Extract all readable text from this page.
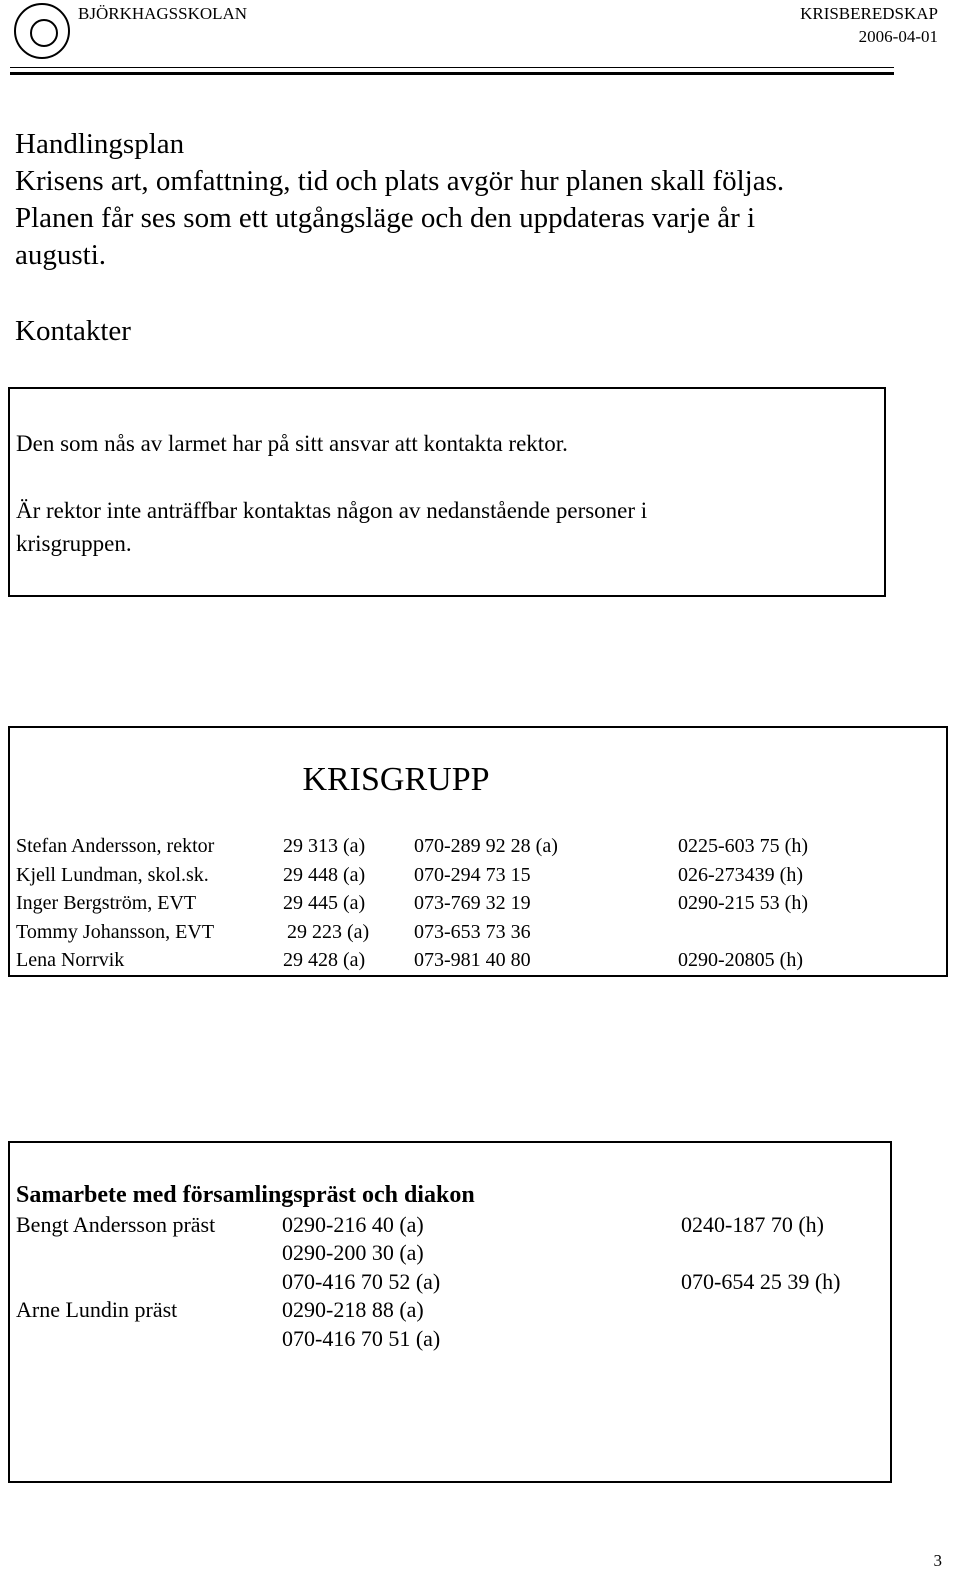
BJÖRKHAGSSKOLAN	KRISBEREDSKAP
2006-04-01
Handlingsplan
Krisens art, omfattning, tid och plats avgör hur planen skall följas.
Planen får ses som ett utgångsläge och den uppdateras varje år i
augusti.
Kontakter
Den som nås av larmet har på sitt ansvar att kontakta rektor.
Är rektor inte anträffbar kontaktas någon av nedanstående personer i
krisgruppen.
KRISGRUPP
Stefan Andersson, rektor	29 313 (a) 070-289 92 28 (a)	0225-603 75 (h)
Kjell Lundman, skol.sk.	29 448 (a) 070-294 73 15	026-273439 (h)
Inger Bergström, EVT	29 445 (a) 073-769 32 19	0290-215 53 (h)
Tommy Johansson, EVT	29 223 (a) 073-653 73 36
Lena Norrvik	29 428 (a) 073-981 40 80	0290-20805 (h)
Samarbete med församlingspräst och diakon
Bengt Andersson präst	0290-216 40 (a)	0240-187 70 (h)
0290-200 30 (a)
070-416 70 52 (a)	070-654 25 39 (h)
Arne Lundin präst	0290-218 88 (a)
070-416 70 51 (a)
3
